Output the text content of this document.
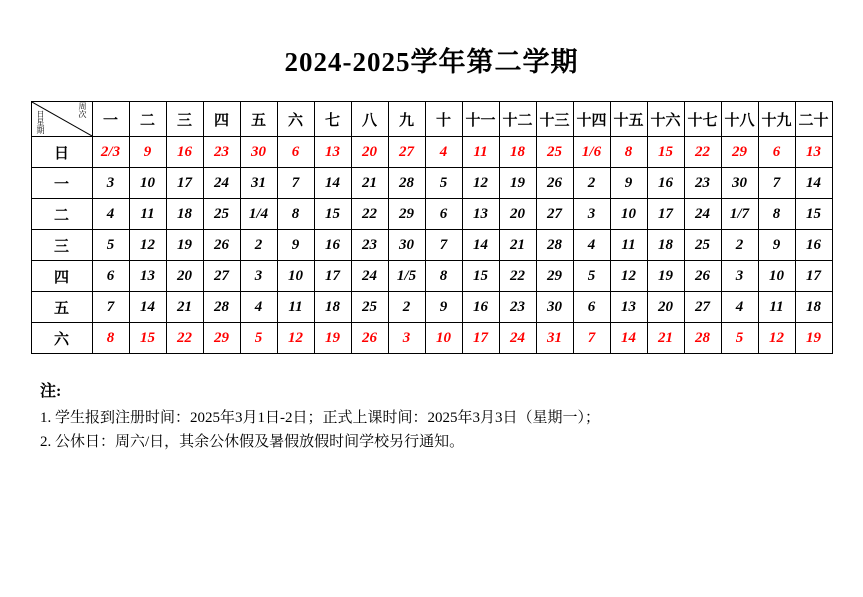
2024-2025学年第二学期
周次
日星期	一	二	三	四	五	六	七	八	九	十	十一	十二	十三	十四	十五	十六	十七	十八	十九	二十
日	2/3	9	16	23	30	6	13	20	27	4	11	18	25	1/6	8	15	22	29	6	13
一	3	10	17	24	31	7	14	21	28	5	12	19	26	2	9	16	23	30	7	14
二	4	11	18	25	1/4	8	15	22	29	6	13	20	27	3	10	17	24	1/7	8	15
三	5	12	19	26	2	9	16	23	30	7	14	21	28	4	11	18	25	2	9	16
四	6	13	20	27	3	10	17	24	1/5	8	15	22	29	5	12	19	26	3	10	17
五	7	14	21	28	4	11	18	25	2	9	16	23	30	6	13	20	27	4	11	18
六	8	15	22	29	5	12	19	26	3	10	17	24	31	7	14	21	28	5	12	19
注:
1. 学生报到注册时间：2025年3月1日-2日；正式上课时间：2025年3月3日（星期一）；
2. 公休日：周六/日，其余公休假及暑假放假时间学校另行通知。
